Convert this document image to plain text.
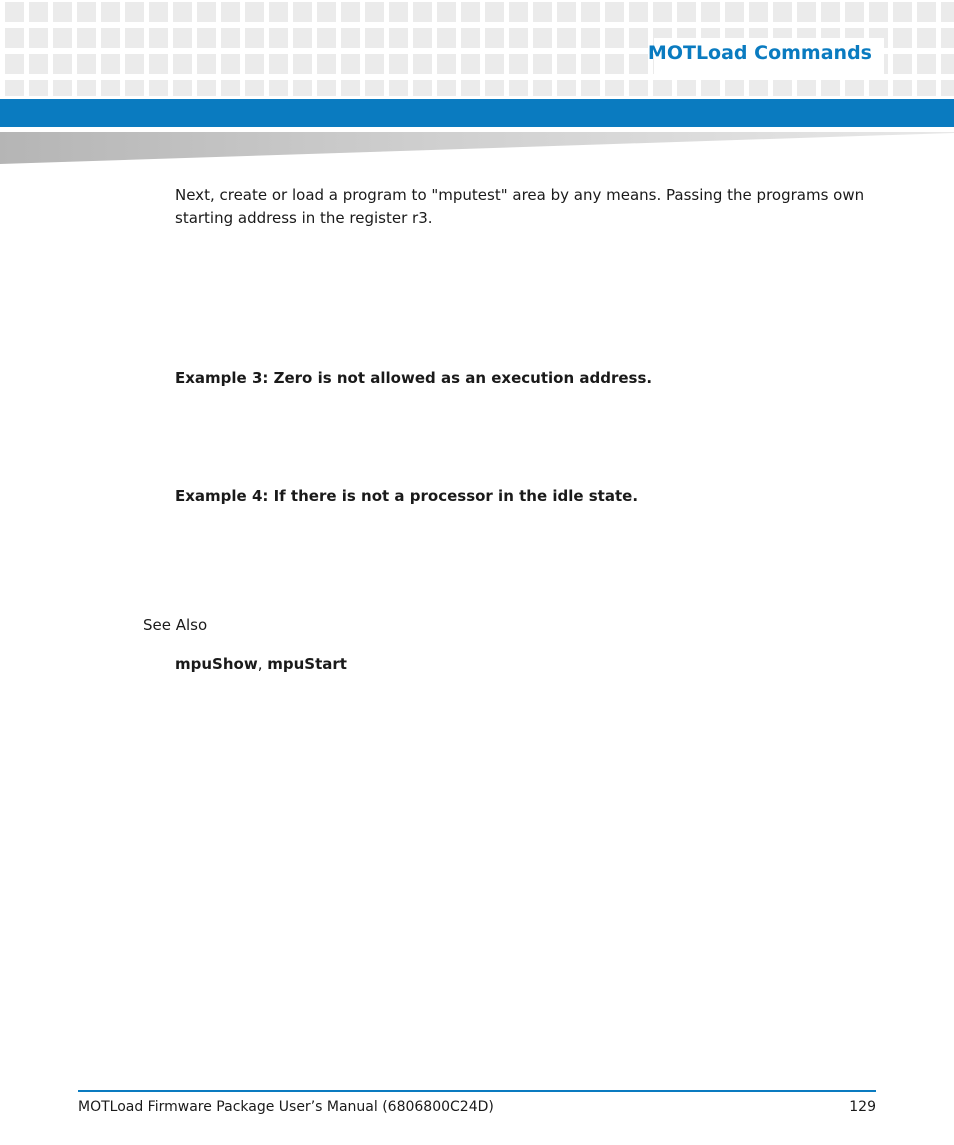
MOTLoad Commands

Next, create or load a program to "mputest" area by any means. Passing the programs own starting address in the register r3.

Example 3: Zero is not allowed as an execution address.

Example 4: If there is not a processor in the idle state.

See Also

mpuShow, mpuStart

MOTLoad Firmware Package User’s Manual (6806800C24D)	129
